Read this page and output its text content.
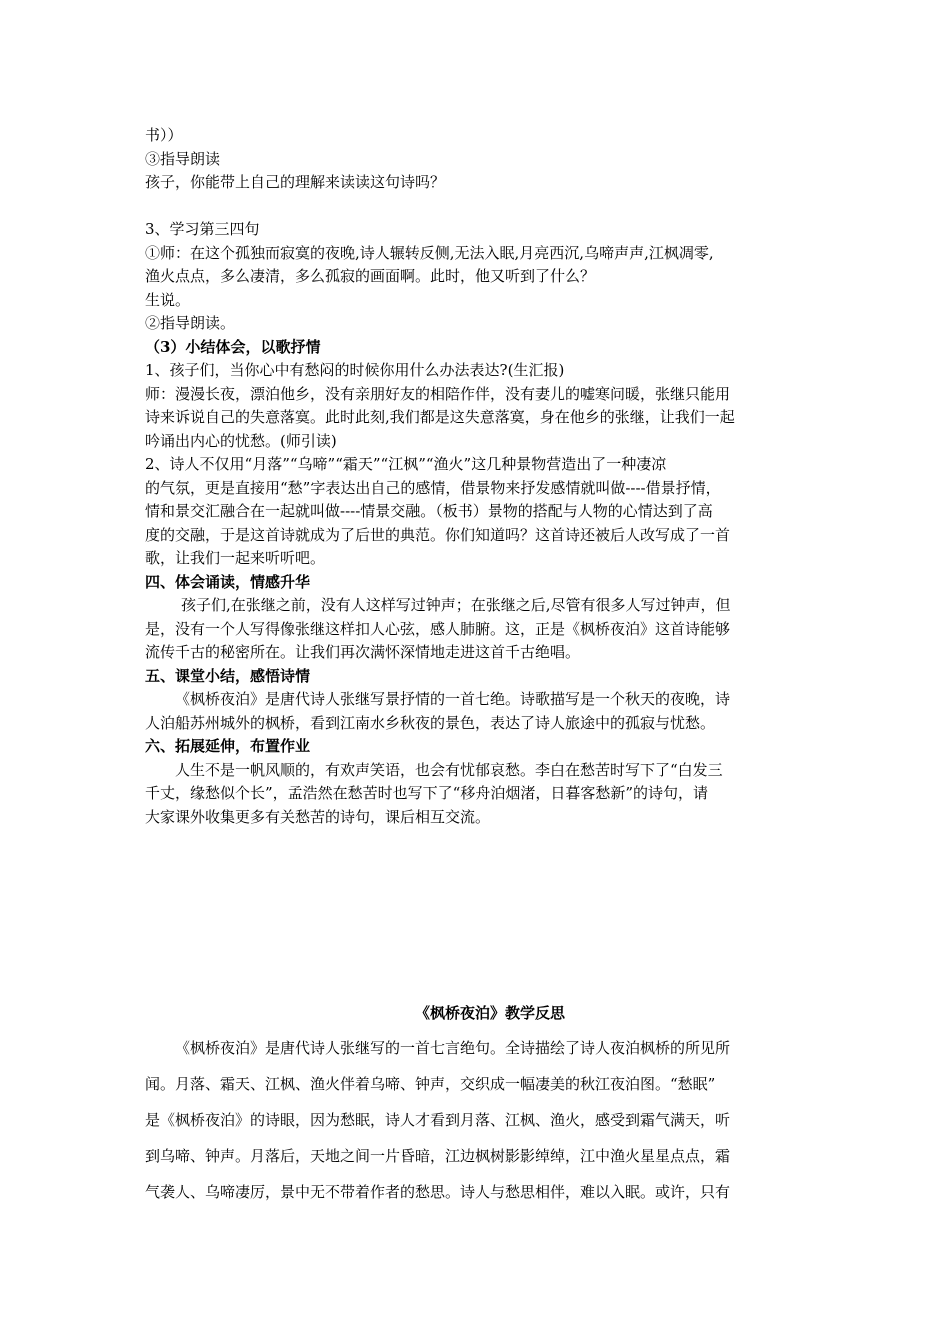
书））
③指导朗读
孩子，你能带上自己的理解来读读这句诗吗？
3、学习第三四句
①师：在这个孤独而寂寞的夜晚,诗人辗转反侧,无法入眠,月亮西沉,乌啼声声,江枫凋零,
渔火点点，多么凄清，多么孤寂的画面啊。此时，他又听到了什么？
生说。
②指导朗读。
（3）小结体会，以歌抒情
1、孩子们，当你心中有愁闷的时候你用什么办法表达?(生汇报)
师：漫漫长夜，漂泊他乡，没有亲朋好友的相陪作伴，没有妻儿的嘘寒问暖，张继只能用
诗来诉说自己的失意落寞。此时此刻,我们都是这失意落寞，身在他乡的张继，让我们一起
吟诵出内心的忧愁。(师引读)
2、诗人不仅用“月落”“乌啼”“霜天”“江枫”“渔火”这几种景物营造出了一种凄凉
的气氛，更是直接用“愁”字表达出自己的感情，借景物来抒发感情就叫做----借景抒情，
情和景交汇融合在一起就叫做----情景交融。（板书）景物的搭配与人物的心情达到了高
度的交融，于是这首诗就成为了后世的典范。你们知道吗？这首诗还被后人改写成了一首
歌，让我们一起来听听吧。
四、体会诵读，情感升华
孩子们,在张继之前，没有人这样写过钟声；在张继之后,尽管有很多人写过钟声，但
是，没有一个人写得像张继这样扣人心弦，感人肺腑。这，正是《枫桥夜泊》这首诗能够
流传千古的秘密所在。让我们再次满怀深情地走进这首千古绝唱。
五、课堂小结，感悟诗情
《枫桥夜泊》是唐代诗人张继写景抒情的一首七绝。诗歌描写是一个秋天的夜晚，诗
人泊船苏州城外的枫桥，看到江南水乡秋夜的景色，表达了诗人旅途中的孤寂与忧愁。
六、拓展延伸，布置作业
人生不是一帆风顺的，有欢声笑语，也会有忧郁哀愁。李白在愁苦时写下了“白发三
千丈，缘愁似个长”，孟浩然在愁苦时也写下了“移舟泊烟渚，日暮客愁新”的诗句，请
大家课外收集更多有关愁苦的诗句，课后相互交流。
《枫桥夜泊》教学反思
《枫桥夜泊》是唐代诗人张继写的一首七言绝句。全诗描绘了诗人夜泊枫桥的所见所
闻。月落、霜天、江枫、渔火伴着乌啼、钟声，交织成一幅凄美的秋江夜泊图。“愁眠”
是《枫桥夜泊》的诗眼，因为愁眠，诗人才看到月落、江枫、渔火，感受到霜气满天，听
到乌啼、钟声。月落后，天地之间一片昏暗，江边枫树影影绰绰，江中渔火星星点点，霜
气袭人、乌啼凄厉，景中无不带着作者的愁思。诗人与愁思相伴，难以入眠。或许，只有
